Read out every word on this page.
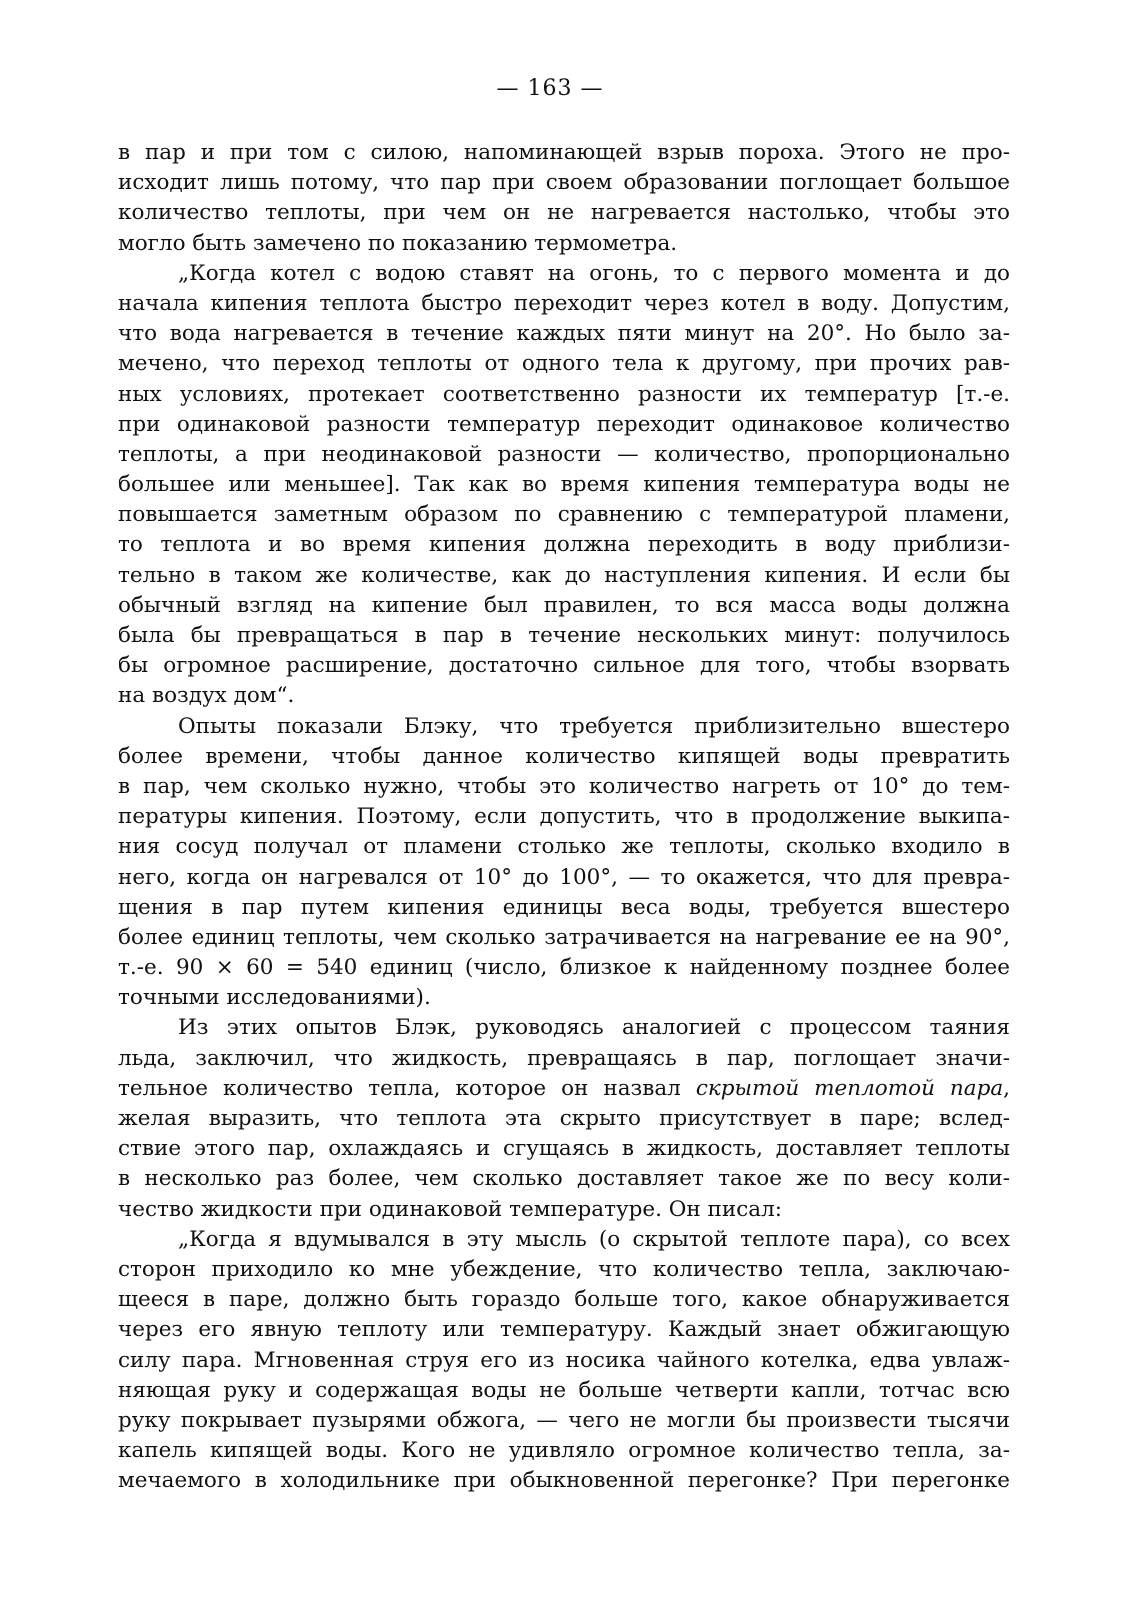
— 163 —
в пар и при том с силою, напоминающей взрыв пороха. Этого не про-
исходит лишь потому, что пар при своем образовании поглощает большое
количество теплоты, при чем он не нагревается настолько, чтобы это
могло быть замечено по показанию термометра.
„Когда котел с водою ставят на огонь, то с первого момента и до
начала кипения теплота быстро переходит через котел в воду. Допустим,
что вода нагревается в течение каждых пяти минут на 20°. Но было за-
мечено, что переход теплоты от одного тела к другому, при прочих рав-
ных условиях, протекает соответственно разности их температур [т.-е.
при одинаковой разности температур переходит одинаковое количество
теплоты, а при неодинаковой разности — количество, пропорционально
большее или меньшее]. Так как во время кипения температура воды не
повышается заметным образом по сравнению с температурой пламени,
то теплота и во время кипения должна переходить в воду приблизи-
тельно в таком же количестве, как до наступления кипения. И если бы
обычный взгляд на кипение был правилен, то вся масса воды должна
была бы превращаться в пар в течение нескольких минут: получилось
бы огромное расширение, достаточно сильное для того, чтобы взорвать
на воздух дом“.
Опыты показали Блэку, что требуется приблизительно вшестеро
более времени, чтобы данное количество кипящей воды превратить
в пар, чем сколько нужно, чтобы это количество нагреть от 10° до тем-
пературы кипения. Поэтому, если допустить, что в продолжение выкипа-
ния сосуд получал от пламени столько же теплоты, сколько входило в
него, когда он нагревался от 10° до 100°, — то окажется, что для превра-
щения в пар путем кипения единицы веса воды, требуется вшестеро
более единиц теплоты, чем сколько затрачивается на нагревание ее на 90°,
т.-е. 90 × 60 = 540 единиц (число, близкое к найденному позднее более
точными исследованиями).
Из этих опытов Блэк, руководясь аналогией с процессом таяния
льда, заключил, что жидкость, превращаясь в пар, поглощает значи-
тельное количество тепла, которое он назвал скрытой теплотой пара,
желая выразить, что теплота эта скрыто присутствует в паре; вслед-
ствие этого пар, охлаждаясь и сгущаясь в жидкость, доставляет теплоты
в несколько раз более, чем сколько доставляет такое же по весу коли-
чество жидкости при одинаковой температуре. Он писал:
„Когда я вдумывался в эту мысль (о скрытой теплоте пара), со всех
сторон приходило ко мне убеждение, что количество тепла, заключаю-
щееся в паре, должно быть гораздо больше того, какое обнаруживается
через его явную теплоту или температуру. Каждый знает обжигающую
силу пара. Мгновенная струя его из носика чайного котелка, едва увлаж-
няющая руку и содержащая воды не больше четверти капли, тотчас всю
руку покрывает пузырями обжога, — чего не могли бы произвести тысячи
капель кипящей воды. Кого не удивляло огромное количество тепла, за-
мечаемого в холодильнике при обыкновенной перегонке? При перегонке
